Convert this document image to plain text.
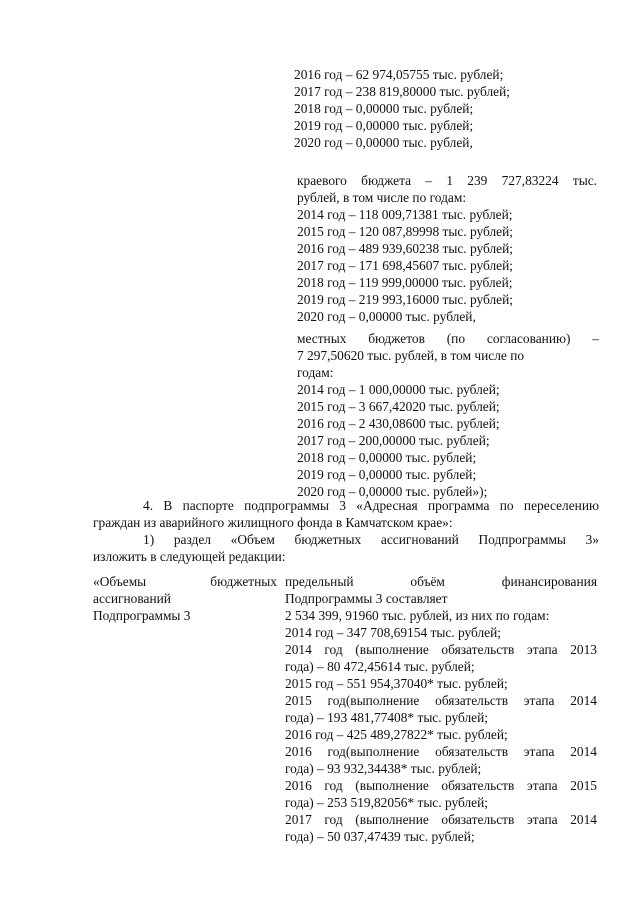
2016 год – 62 974,05755 тыс. рублей;
2017 год – 238 819,80000 тыс. рублей;
2018 год – 0,00000 тыс. рублей;
2019 год – 0,00000 тыс. рублей;
2020 год – 0,00000 тыс. рублей,
краевого бюджета – 1 239 727,83224 тыс.
рублей, в том числе по годам:
2014 год – 118 009,71381 тыс. рублей;
2015 год – 120 087,89998 тыс. рублей;
2016 год – 489 939,60238 тыс. рублей;
2017 год – 171 698,45607 тыс. рублей;
2018 год – 119 999,00000 тыс. рублей;
2019 год – 219 993,16000 тыс. рублей;
2020 год – 0,00000 тыс. рублей,
местных бюджетов (по согласованию) –
7 297,50620 тыс. рублей, в том числе по
годам:
2014 год – 1 000,00000 тыс. рублей;
2015 год – 3 667,42020 тыс. рублей;
2016 год – 2 430,08600 тыс. рублей;
2017 год – 200,00000 тыс. рублей;
2018 год – 0,00000 тыс. рублей;
2019 год – 0,00000 тыс. рублей;
2020 год – 0,00000 тыс. рублей»);
4. В паспорте подпрограммы 3 «Адресная программа по переселению
граждан из аварийного жилищного фонда в Камчатском крае»:
1) раздел «Объем бюджетных ассигнований Подпрограммы 3»
изложить в следующей редакции:
«Объемы бюджетных
ассигнований
Подпрограммы 3
предельный объём финансирования
Подпрограммы 3 составляет
2 534 399, 91960 тыс. рублей, из них по годам:
2014 год – 347 708,69154 тыс. рублей;
2014 год (выполнение обязательств этапа 2013
года) – 80 472,45614 тыс. рублей;
2015 год – 551 954,37040* тыс. рублей;
2015 год(выполнение обязательств этапа 2014
года) – 193 481,77408* тыс. рублей;
2016 год – 425 489,27822* тыс. рублей;
2016 год(выполнение обязательств этапа 2014
года) – 93 932,34438* тыс. рублей;
2016 год (выполнение обязательств этапа 2015
года) – 253 519,82056* тыс. рублей;
2017 год (выполнение обязательств этапа 2014
года) – 50 037,47439 тыс. рублей;
